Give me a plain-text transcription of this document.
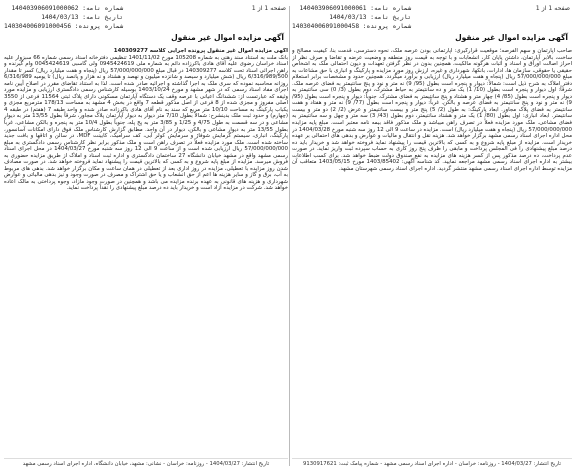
شماره نامه: 140403906091000062
تاریخ نامه: 1404/03/13
شماره پرونده: 140304006091000456
صفحه 1 از 1
آگهی مزایده اموال غیر منقول

آگهی مزایده اموال غیر منقول پرونده اجرایی کلاسه 140309277

بانک ملت به استناد سند رهنی به شماره 105208 مورخ 1401/11/02 تنظیمی دفترخانه اسناد رسمی شماره 66 سبزوار علیه اسناد خراسان رضوی علیه آقای هادی باکرزاده دائم به شماره ملی 0945424619 ولی گاسبی 0045424619 وام گیرنده و راهن اجرائی اسناد تحت کلاسه 140309277 در قبال مبلغ 57/000/000/000 ریال (پنجاه و هفت میلیارد ریال) کسر تا مقدار 6/316/989/500 ریال (شش میلیارد و سیصد و شانزده میلیون و نهصد و هشتاد و نه هزار و پانصد ریال) تا یومیه 6/316/989 روزانه محاسبه نموده که سری ملک به اجرا گذاشته و اجرائیه صادر شده است. لذا به استناد تقاضای مقرر در اصلاح آیین نامه اجرای مفاد اسناد رسمی که در شهر مشهد و مورخ 1403/10/24 بوسیله کارشناس رسمی دادگستری ارزیابی و مزایده مورد وثیقه که عبارتست از: ششدانگ اعیانی با عرصه وقف یک دستگاه آپارتمان مسکونی دارای پلاک ثبتی 11564 فرعی از 3550 اصلی مفروز و مجزی شده از 8 فرعی از اصل مذکور قطعه 7 واقع در بخش 4 مشهد به مساحت 178/13 مترمربع مجزی و یکباب پارکینگ به مساحت 10/10 متر مربع که سند به نام آقای هادی باکرزاده صادر شده و واحد طبقه 7 (هفتم) در طبقه 4 (چهارم) و حدود ثبت ملک بدینشرح: شمالاً بطول 7/10 متر دیوار به دیوار آپارتمان پلاک مجاور، شرقاً بطول 13/55 متر به دیوار مشاعی و در سه قسمت به طول 4/75 و 1/25 و 3/85 متر به پخ پله، جنوباً بطول 10/4 متر به پنجره و بالکن مشاعی، غرباً بطول 13/55 متر به دیوار مشاعی و بالکن، دیوار در آن واحد. مطابق گزارش کارشناس ملک فوق دارای امکانات آسانسور، پارکینگ، انباری، سیستم گرمایش شوفاژ و سرمایش کولر آبی، کف سرامیک، کابینت MDF، در سالن و اتاقها و بافت جدید ساخته شده است. ملک مورد مزایده فعلاً در تصرف راهن است و ملک مذکور برابر نظر کارشناس رسمی دادگستری به مبلغ 57/000/000/000 ریال ارزیابی شده است و از ساعت 9 الی 12 روز سه شنبه مورخ 1404/03/27 در محل اجرای اسناد رسمی مشهد واقع در مشهد خیابان دانشگاه 27 ساختمان دادگستری و اداره ثبت اسناد و املاک از طریق مزایده حضوری به فروش میرسد. مزایده از مبلغ پایه شروع و به کسی که بالاترین قیمت را پیشنهاد نماید فروخته خواهد شد. در صورت مصادف شدن روز مزایده با تعطیلی، مزایده در روز اداری بعد از تعطیلی در همان ساعت و مکان برگزار خواهد شد. بدهی های مربوط به آب، برق و گاز و سایر هزینه ها اعم از حق انشعاب و یا حق اشتراک و مصرف در صورت وجود و نیز بدهی مالیاتی و عوارض شهرداری و هزینه های قانونی به عهده برنده مزایده می باشد و همچنین در صورت وجود مازاد، وجوه پرداختی به مالک اعاده خواهد شد. شرکت در مزایده آزاد است و خریدار باید ده درصد مبلغ پیشنهادی را نقداً پرداخت نماید.

تاریخ انتشار: 1404/03/27 - روزنامه: خراسان - نشانی: مشهد، خیابان دانشگاه، اداره اجرای اسناد رسمی مشهد
شماره نامه: 140403906091000061
تاریخ نامه: 1404/03/13
شماره پرونده: 140304006091000458
صفحه 1 از 1
آگهی مزایده اموال غیر منقول

صاحب آپارتمان و سهم الفرصه؛ موقعیت قرارگیری: آپارتمانی بودن عرصه ملک، نحوه دسترسی، قدمت بنا، کیفیت مصالح و ساخت، بالابر آپارتمان، داشتن پایان کار، انشعابات و با توجه به قیمت روز منطقه و وضعیت عرضه و تقاضا و صرف نظر از احراز اصالت اوراق و اسناد و اثبات هرگونه مالکیت، همچنین بدون در نظر گرفتن تعهدات و دیون احتمالی ملک به اشخاص حقیقی یا حقوقی، سازمان ها، ادارات، بانکها، شهرداری و غیره، ارزش روز مورد مزایده و پارکینگ و انباری با حق مشاعات به مبلغ 57/000/000/000 ریال (پنجاه و هفت میلیارد ریال) ارزیابی و برآورد میگردد. همچنین حدود و مشخصات برابر استعلام دفتر املاک به شرح ذیل است: شمالاً: دیوار و پنجره است بطول (95/ 9) نه متر و نود و پنج سانتیمتر به فضای عرصه ملک. شرقاً: اول دیوار و پنجره است بطول (10/ 1) یک متر و ده سانتیمتر به حیاط مشترک، دوم بطول (3/ 0) سی سانتیمتر به دیوار و پنجره است بطول (85/ 4) چهار متر و هشتاد و پنج سانتیمتر به فضای مشترک. جنوباً: دیوار و پنجره است بطول (95/ 9) نه متر و نود و پنج سانتیمتر به فضای عرصه و بالکن. غرباً: دیوار و پنجره است بطول (77/ 9) نه متر و هفتاد و هفت سانتیمتر به فضای پلاک مجاور. ابعاد پارکینگ: به طول (2/ 5) پنج متر و بیست سانتیمتر و عرض (2/ 2) دو متر و بیست سانتیمتر. ابعاد انباری: اول بطول (80/ 1) یک متر و هشتاد سانتیمتر، دوم بطول (43/ 3) سه متر و چهل و سه سانتیمتر به فضای مشاعی. ملک مورد مزایده فعلاً در تصرف راهن میباشد و ملک مذکور فاقد بیمه نامه معتبر است. مبلغ پایه مزایده 57/000/000/000 ریال (پنجاه و هفت میلیارد ریال) است. مزایده در ساعت 9 الی 12 روز سه شنبه مورخ 1404/03/28 در محل اداره اجرای اسناد رسمی مشهد برگزار خواهد شد. هزینه نقل و انتقال و مالیات و عوارض و بدهی های احتمالی بر عهده خریدار است. مزایده از مبلغ پایه شروع و به کسی که بالاترین قیمت را پیشنهاد نماید فروخته خواهد شد و خریدار باید ده درصد مبلغ پیشنهادی را فی المجلس پرداخت و مابقی را ظرف پنج روز کاری به حساب سپرده ثبت واریز نماید. در صورت عدم پرداخت، ده درصد مذکور پس از کسر هزینه های مزایده به نفع صندوق دولت ضبط خواهد شد. برای کسب اطلاعات بیشتر به اداره اجرای اسناد رسمی مشهد مراجعه نمایید. کد شناسه آگهی: 1403/85402 مورخ 1403/05/15 متعاقب آن مزایده توسط اداره اجرای اسناد رسمی مشهد منتشر گردید. اداره اجرای اسناد رسمی شهرستان مشهد.

تاریخ انتشار: 1404/03/27 - روزنامه: خراسان - اداره اجرای اسناد رسمی مشهد - شماره پیامک ثبت: 9130917621
